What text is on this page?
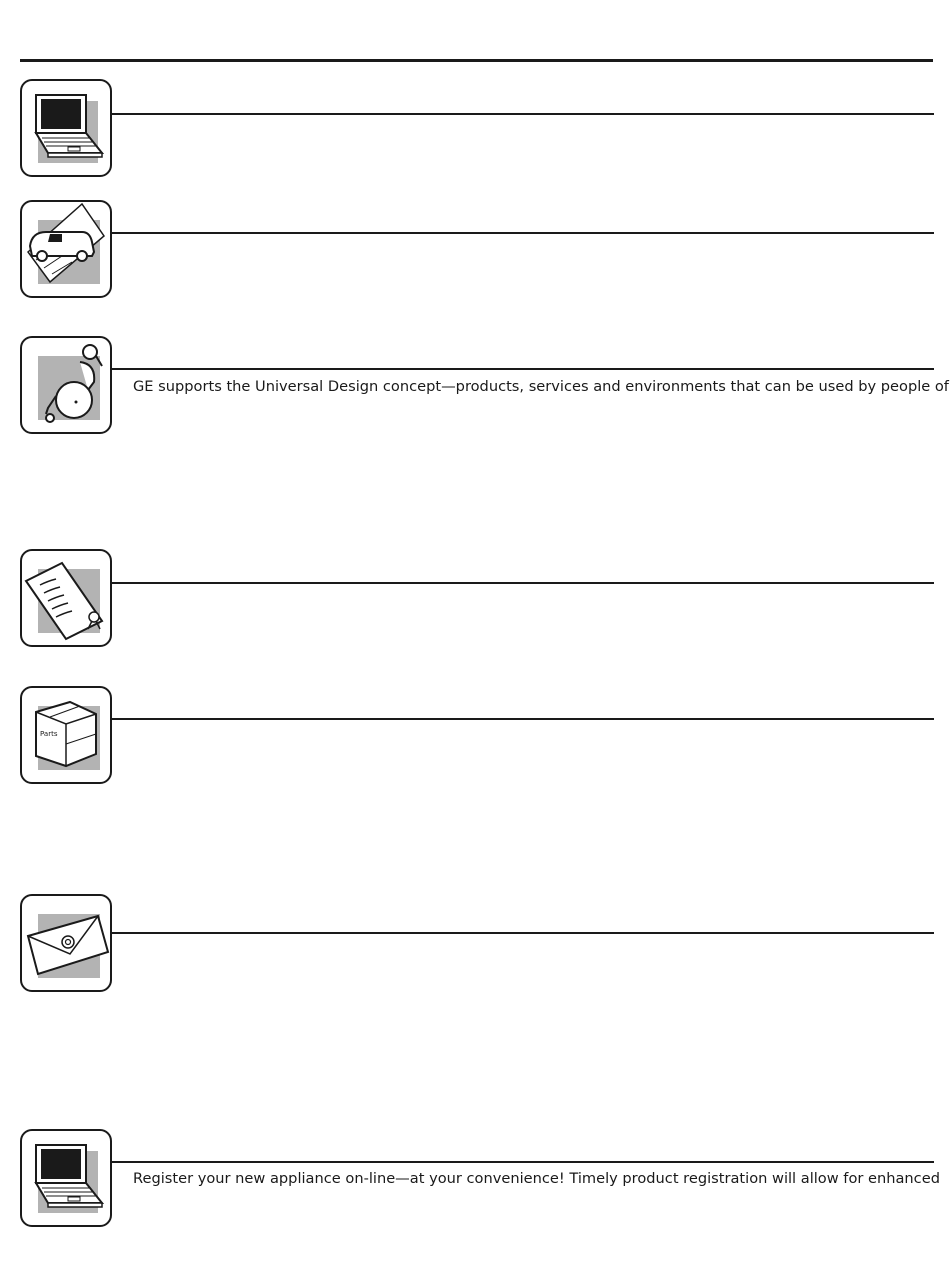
GE supports the Universal Design concept—products, services and environments that can be used by people of

Parts

Register your new appliance on-line—at your convenience! Timely product registration will allow for enhanced
